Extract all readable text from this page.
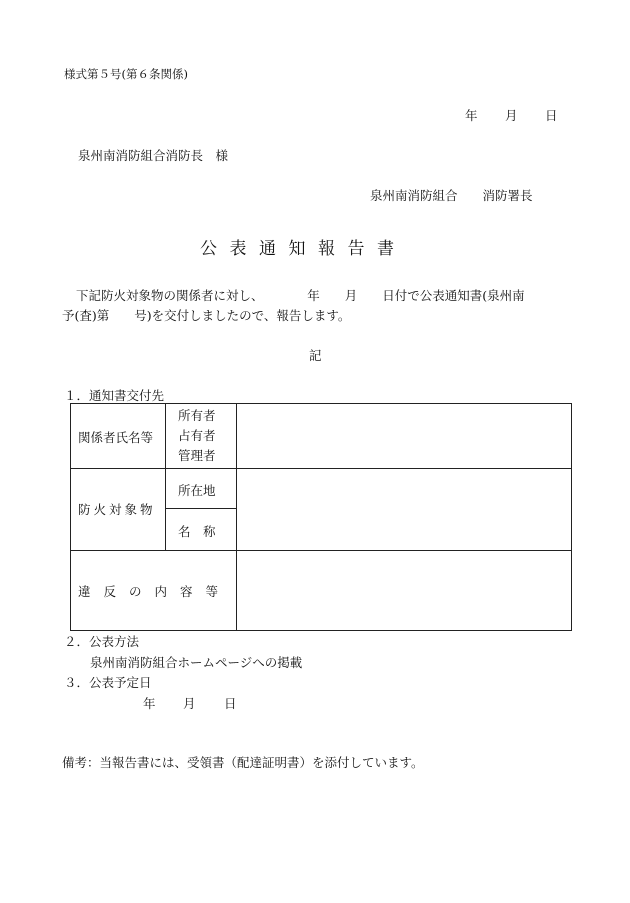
様式第５号(第６条関係)
年 月 日
泉州南消防組合消防長　様
泉州南消防組合　　消防署長
公表通知報告書
下記防火対象物の関係者に対し、　　　　年　　月　　日付で公表通知書(泉州南
予(査)第　　号)を交付しましたので、報告します。
記
１．通知書交付先
関係者氏名等
所有者
占有者
管理者
防火対象物
所在地
名　称
違反の内容等
２．公表方法
泉州南消防組合ホームページへの掲載
３．公表予定日
年 月 日
備考：当報告書には、受領書（配達証明書）を添付しています。
